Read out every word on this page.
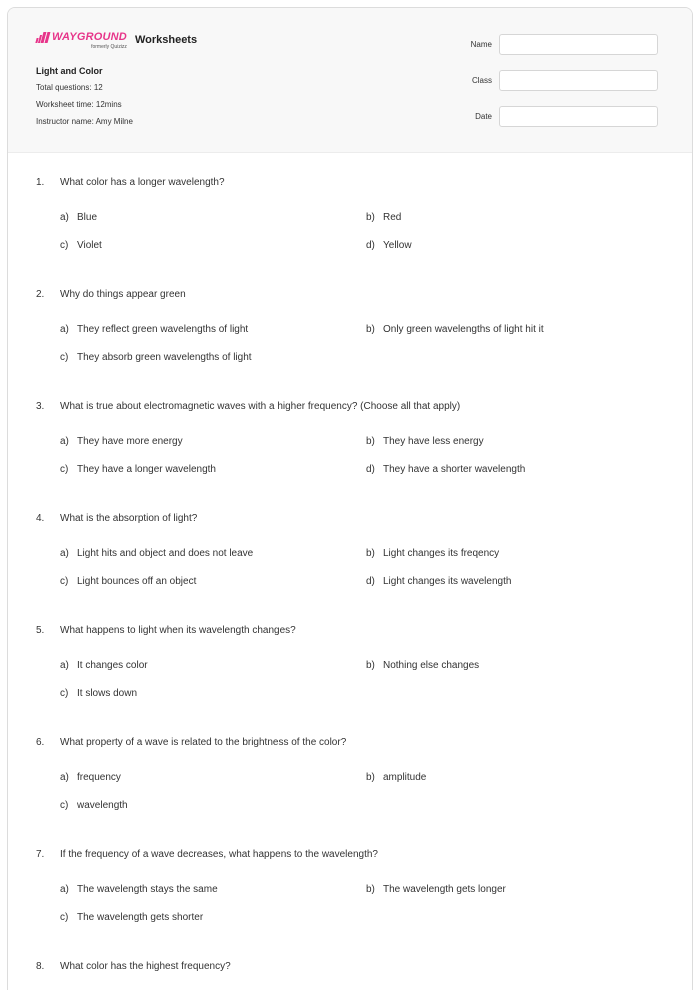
WAYGROUND
formerly Quizizz
Worksheets
Light and Color
Total questions: 12
Worksheet time: 12mins
Instructor name: Amy Milne
Name
Class
Date
1.	What color has a longer wavelength?
a) Blue	b) Red
c) Violet	d) Yellow
2.	Why do things appear green
a) They reflect green wavelengths of light	b) Only green wavelengths of light hit it
c) They absorb green wavelengths of light
3.	What is true about electromagnetic waves with a higher frequency? (Choose all that apply)
a) They have more energy	b) They have less energy
c) They have a longer wavelength	d) They have a shorter wavelength
4.	What is the absorption of light?
a) Light hits and object and does not leave	b) Light changes its freqency
c) Light bounces off an object	d) Light changes its wavelength
5.	What happens to light when its wavelength changes?
a) It changes color	b) Nothing else changes
c) It slows down
6.	What property of a wave is related to the brightness of the color?
a) frequency	b) amplitude
c) wavelength
7.	If the frequency of a wave decreases, what happens to the wavelength?
a) The wavelength stays the same	b) The wavelength gets longer
c) The wavelength gets shorter
8.	What color has the highest frequency?
